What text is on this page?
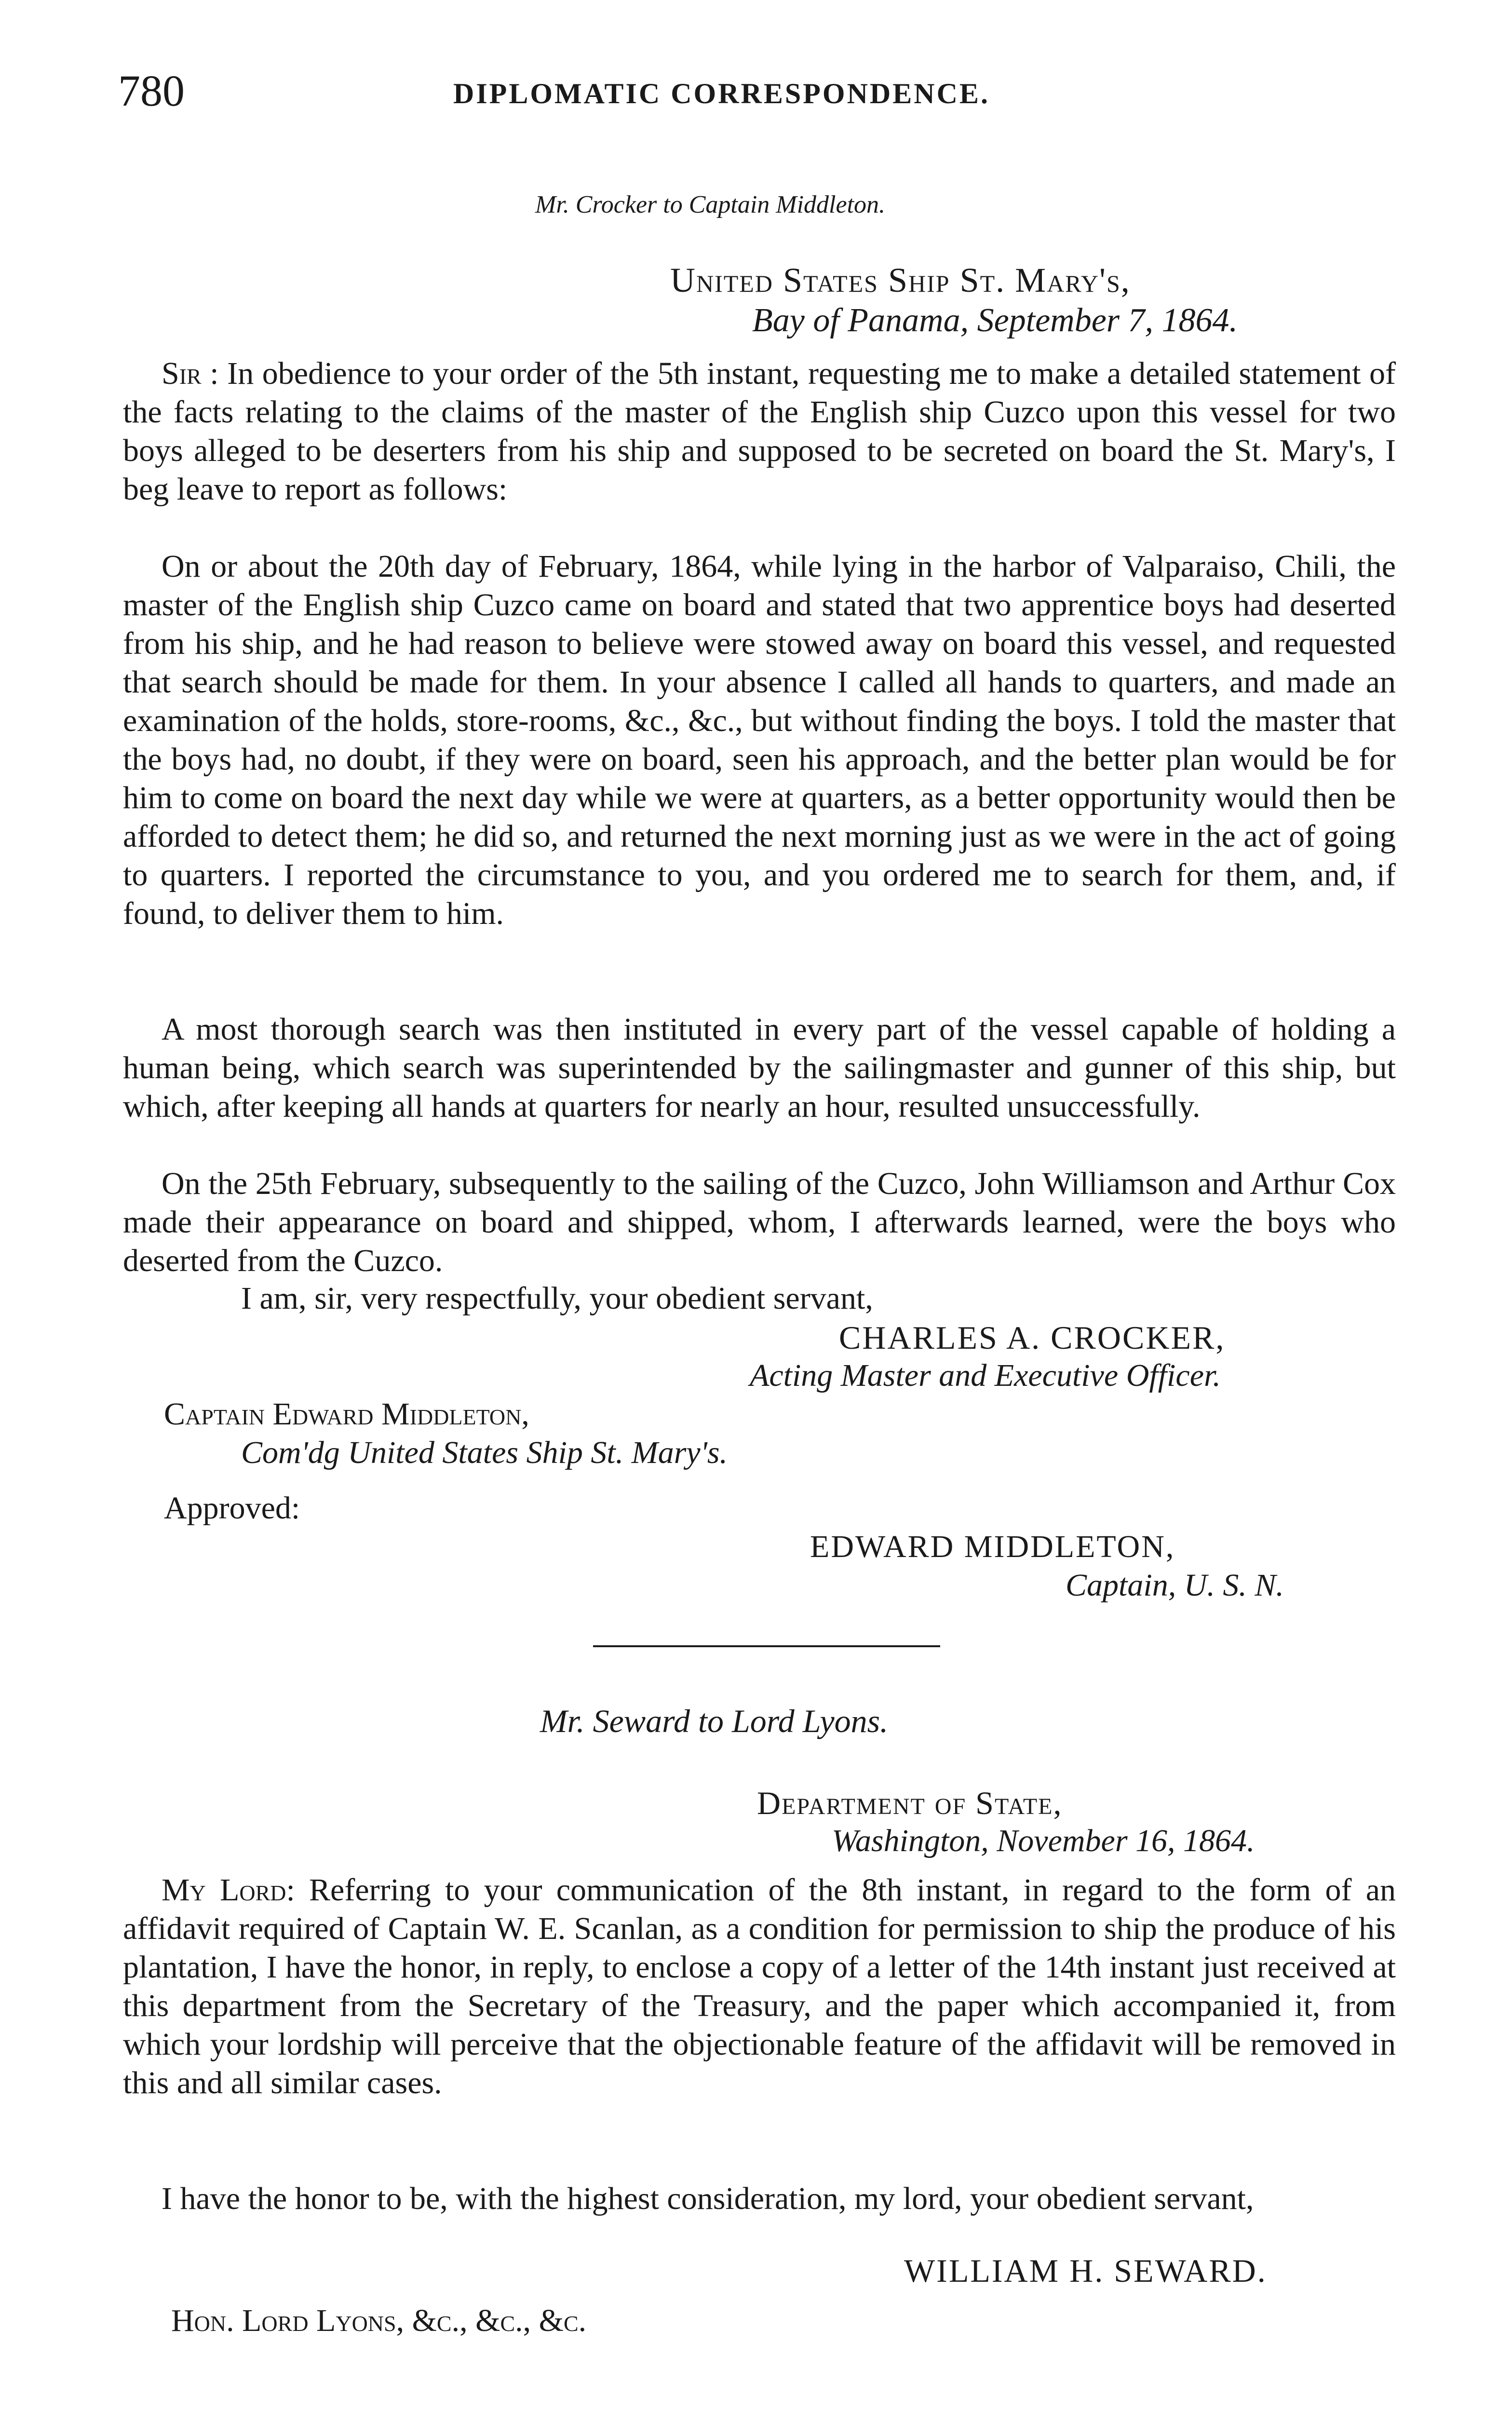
780	DIPLOMATIC CORRESPONDENCE.
Mr. Crocker to Captain Middleton.
United States Ship St. Mary's,
Bay of Panama, September 7, 1864.

Sir : In obedience to your order of the 5th instant, requesting me to make a detailed statement of the facts relating to the claims of the master of the English ship Cuzco upon this vessel for two boys alleged to be deserters from his ship and supposed to be secreted on board the St. Mary's, I beg leave to report as follows:

On or about the 20th day of February, 1864, while lying in the harbor of Valparaiso, Chili, the master of the English ship Cuzco came on board and stated that two apprentice boys had deserted from his ship, and he had reason to believe were stowed away on board this vessel, and requested that search should be made for them. In your absence I called all hands to quarters, and made an examination of the holds, store-rooms, &c., &c., but without finding the boys. I told the master that the boys had, no doubt, if they were on board, seen his approach, and the better plan would be for him to come on board the next day while we were at quarters, as a better opportunity would then be afforded to detect them; he did so, and returned the next morning just as we were in the act of going to quarters. I reported the circumstance to you, and you ordered me to search for them, and, if found, to deliver them to him.

A most thorough search was then instituted in every part of the vessel capable of holding a human being, which search was superintended by the sailingmaster and gunner of this ship, but which, after keeping all hands at quarters for nearly an hour, resulted unsuccessfully.

On the 25th February, subsequently to the sailing of the Cuzco, John Williamson and Arthur Cox made their appearance on board and shipped, whom, I afterwards learned, were the boys who deserted from the Cuzco.

I am, sir, very respectfully, your obedient servant,
CHARLES A. CROCKER,
Acting Master and Executive Officer.
Captain Edward Middleton,
Com'dg United States Ship St. Mary's.
Approved:
EDWARD MIDDLETON,
Captain, U. S. N.
Mr. Seward to Lord Lyons.
Department of State,
Washington, November 16, 1864.

My Lord: Referring to your communication of the 8th instant, in regard to the form of an affidavit required of Captain W. E. Scanlan, as a condition for permission to ship the produce of his plantation, I have the honor, in reply, to enclose a copy of a letter of the 14th instant just received at this department from the Secretary of the Treasury, and the paper which accompanied it, from which your lordship will perceive that the objectionable feature of the affidavit will be removed in this and all similar cases.

I have the honor to be, with the highest consideration, my lord, your obedient servant,

WILLIAM H. SEWARD.
Hon. Lord Lyons, &c., &c., &c.
